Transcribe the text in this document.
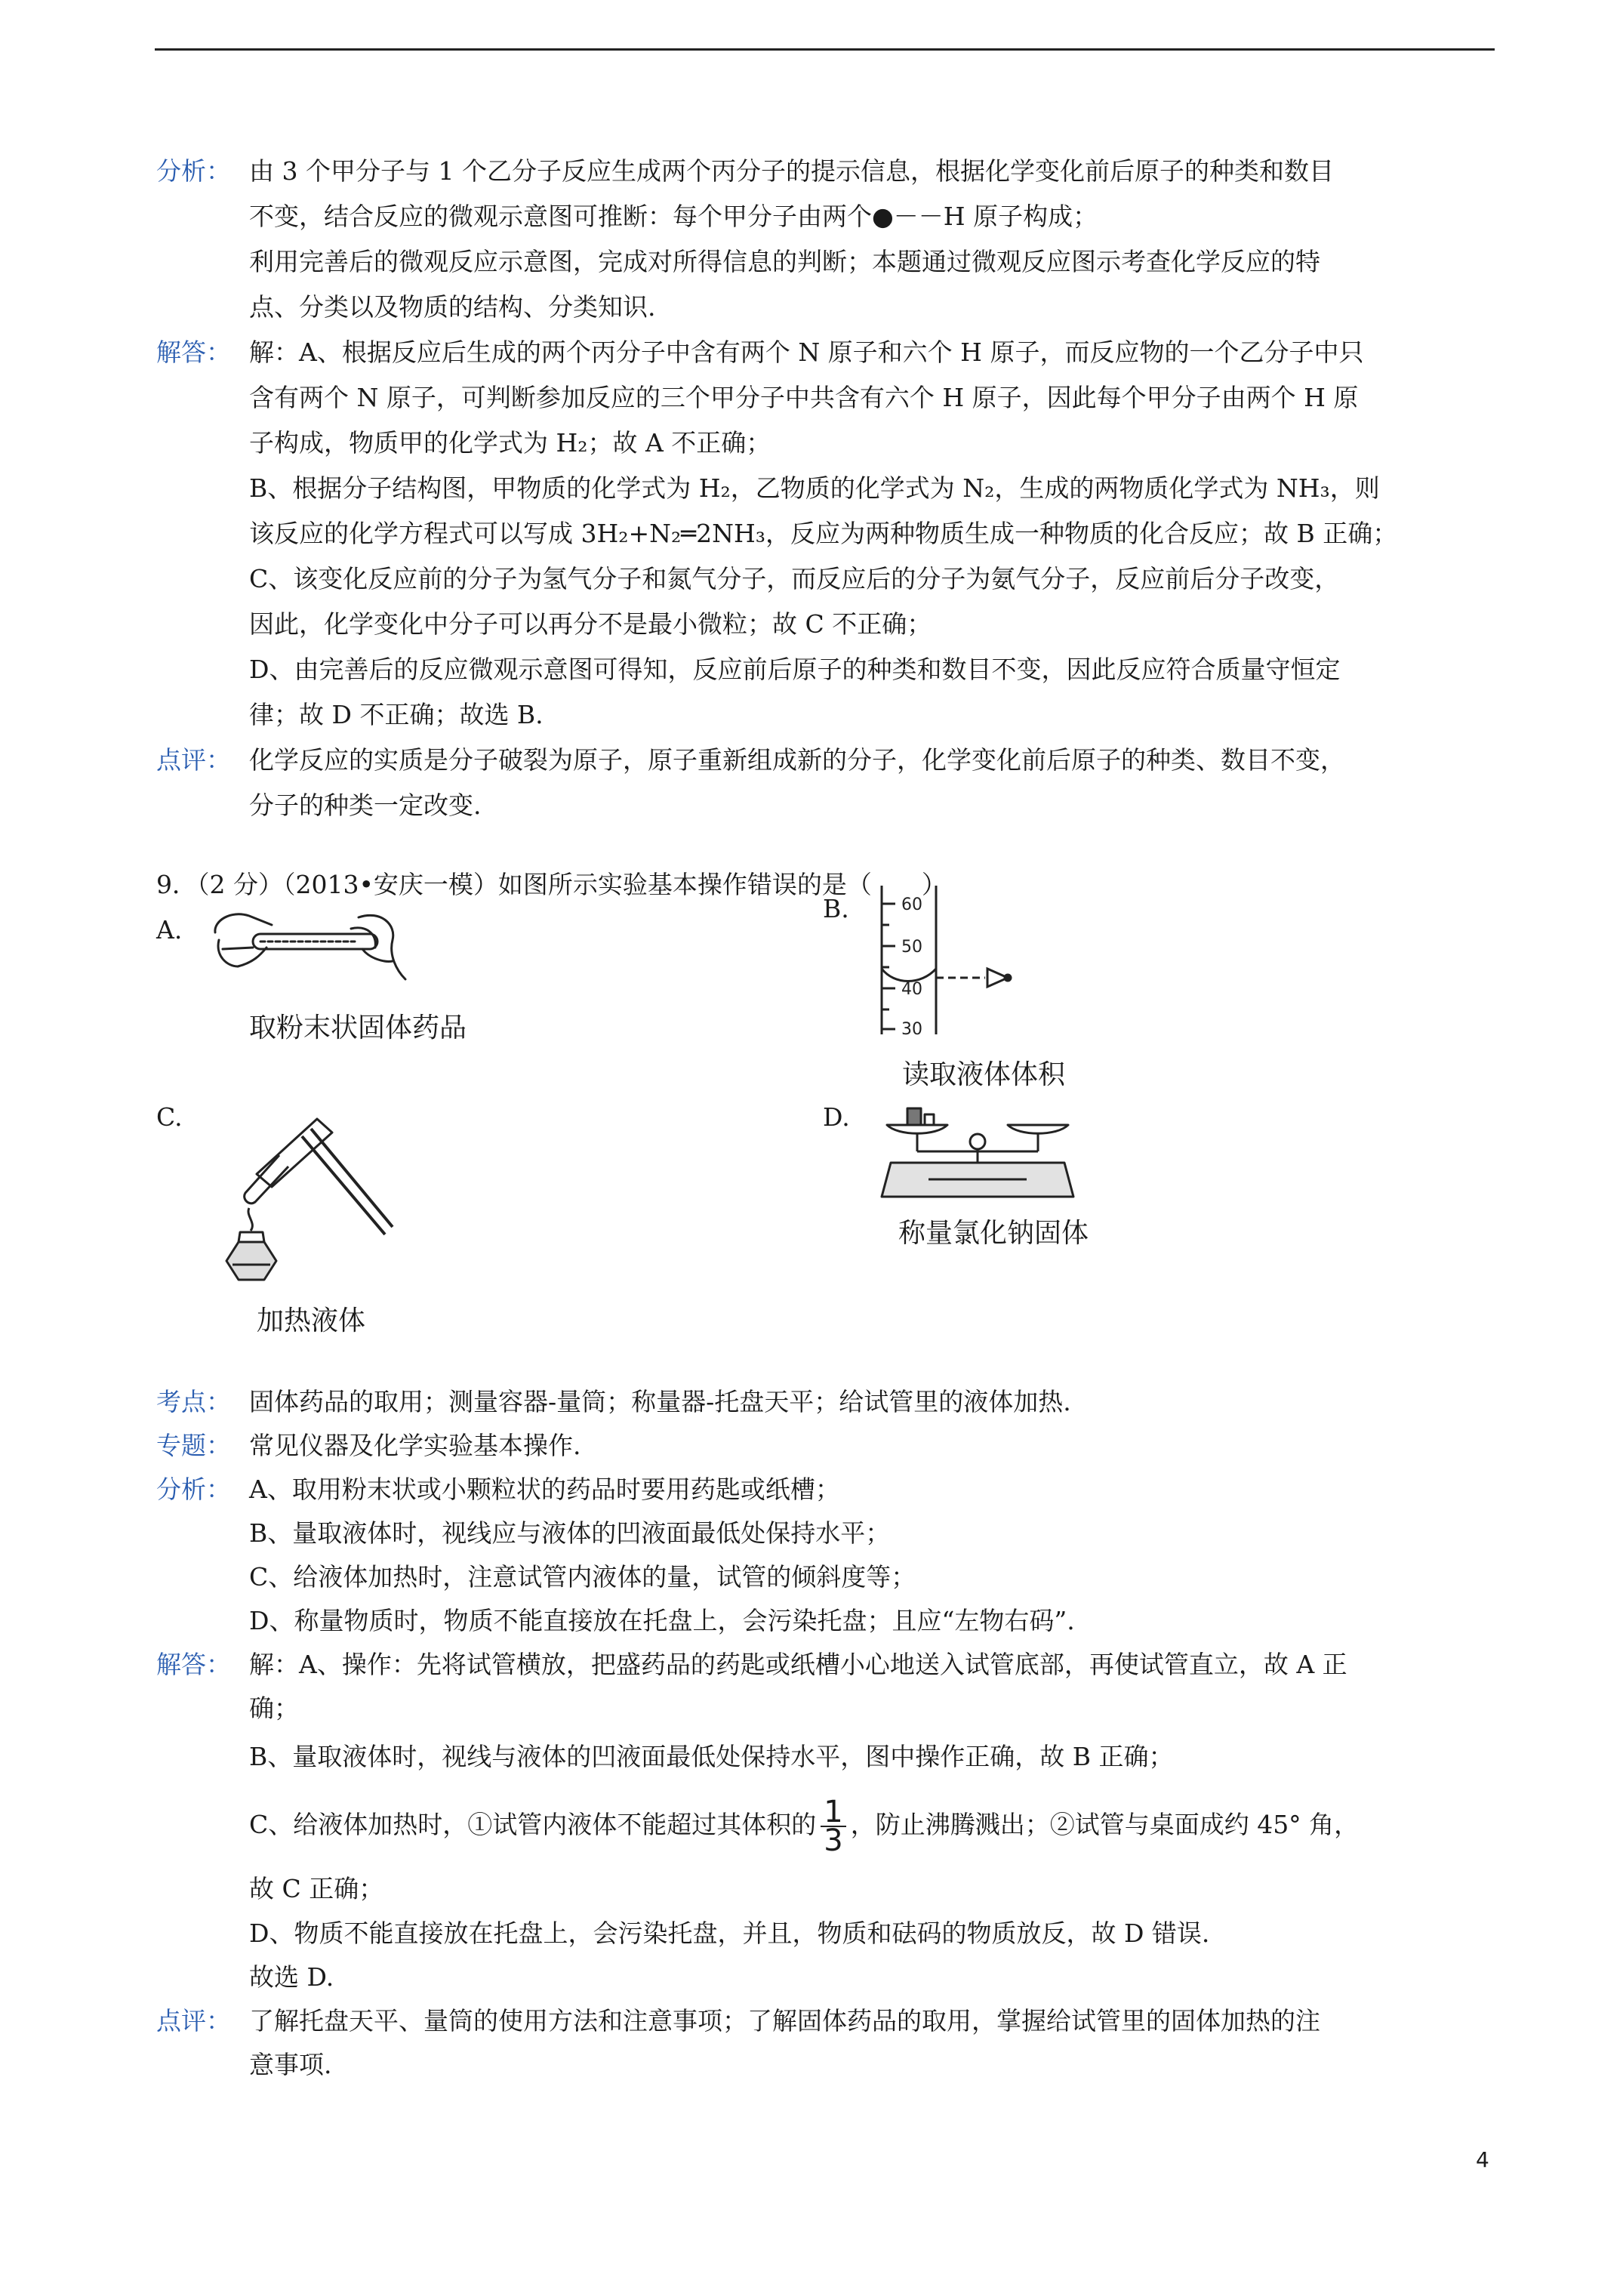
分析： 由 3 个甲分子与 1 个乙分子反应生成两个丙分子的提示信息，根据化学变化前后原子的种类和数目
不变，结合反应的微观示意图可推断：每个甲分子由两个●－－H 原子构成；
利用完善后的微观反应示意图，完成对所得信息的判断；本题通过微观反应图示考查化学反应的特
点、分类以及物质的结构、分类知识.
解答： 解：A、根据反应后生成的两个丙分子中含有两个 N 原子和六个 H 原子，而反应物的一个乙分子中只
含有两个 N 原子，可判断参加反应的三个甲分子中共含有六个 H 原子，因此每个甲分子由两个 H 原
子构成，物质甲的化学式为 H₂；故 A 不正确；
B、根据分子结构图，甲物质的化学式为 H₂，乙物质的化学式为 N₂，生成的两物质化学式为 NH₃，则
该反应的化学方程式可以写成 3H₂+N₂═2NH₃，反应为两种物质生成一种物质的化合反应；故 B 正确；
C、该变化反应前的分子为氢气分子和氮气分子，而反应后的分子为氨气分子，反应前后分子改变，
因此，化学变化中分子可以再分不是最小微粒；故 C 不正确；
D、由完善后的反应微观示意图可得知，反应前后原子的种类和数目不变，因此反应符合质量守恒定
律；故 D 不正确；故选 B.
点评： 化学反应的实质是分子破裂为原子，原子重新组成新的分子，化学变化前后原子的种类、数目不变，
分子的种类一定改变.
9．（2 分）（2013•安庆一模）如图所示实验基本操作错误的是（　　）
A.
取粉末状固体药品
B.	60
50
40
30
读取液体体积
C.
加热液体
D.
称量氯化钠固体
考点： 固体药品的取用；测量容器-量筒；称量器-托盘天平；给试管里的液体加热.
专题： 常见仪器及化学实验基本操作.
分析： A、取用粉末状或小颗粒状的药品时要用药匙或纸槽；
B、量取液体时，视线应与液体的凹液面最低处保持水平；
C、给液体加热时，注意试管内液体的量，试管的倾斜度等；
D、称量物质时，物质不能直接放在托盘上，会污染托盘；且应“左物右码”.
解答： 解：A、操作：先将试管横放，把盛药品的药匙或纸槽小心地送入试管底部，再使试管直立，故 A 正
确；
B、量取液体时，视线与液体的凹液面最低处保持水平，图中操作正确，故 B 正确；
C、给液体加热时，①试管内液体不能超过其体积的 $\frac{1}{3}$ ，防止沸腾溅出；②试管与桌面成约 45° 角，
故 C 正确；
D、物质不能直接放在托盘上，会污染托盘，并且，物质和砝码的物质放反，故 D 错误.
故选 D.
点评： 了解托盘天平、量筒的使用方法和注意事项；了解固体药品的取用，掌握给试管里的固体加热的注
意事项.
4
